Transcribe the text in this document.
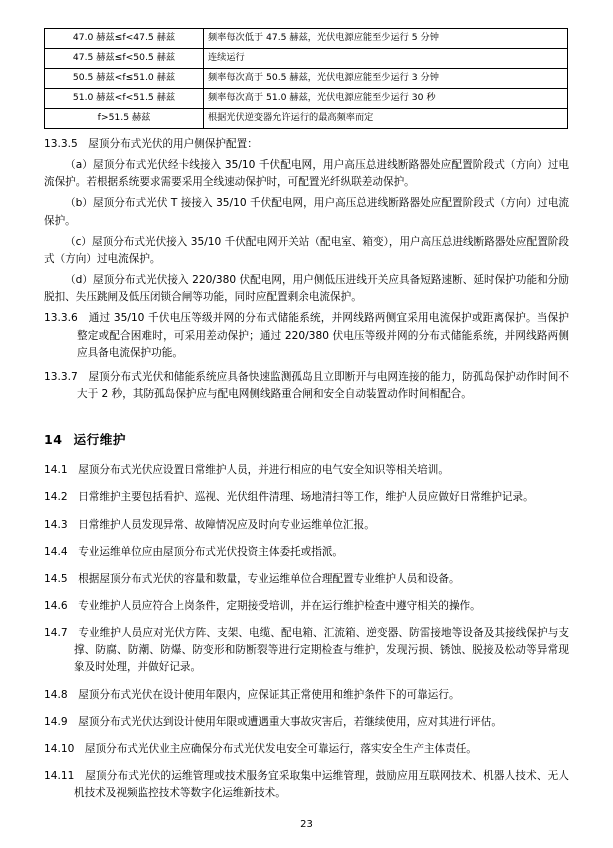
47.0 赫兹≤f<47.5 赫兹	频率每次低于 47.5 赫兹，光伏电源应能至少运行 5 分钟
47.5 赫兹≤f<50.5 赫兹	连续运行
50.5 赫兹<f≤51.0 赫兹	频率每次高于 50.5 赫兹，光伏电源应能至少运行 3 分钟
51.0 赫兹<f<51.5 赫兹	频率每次高于 51.0 赫兹，光伏电源应能至少运行 30 秒
f>51.5 赫兹	根据光伏逆变器允许运行的最高频率而定
13.3.5　 屋顶分布式光伏的用户侧保护配置：
（a）屋顶分布式光伏经卡线接入 35/10 千伏配电网，用户高压总进线断路器处应配置阶段式（方向）过电流保护。若根据系统要求需要采用全线速动保护时，可配置光纤纵联差动保护。
（b）屋顶分布式光伏 T 接接入 35/10 千伏配电网，用户高压总进线断路器处应配置阶段式（方向）过电流保护。
（c）屋顶分布式光伏接入 35/10 千伏配电网开关站（配电室、箱变），用户高压总进线断路器处应配置阶段式（方向）过电流保护。
（d）屋顶分布式光伏接入 220/380 伏配电网，用户侧低压进线开关应具备短路速断、延时保护功能和分励脱扣、失压跳闸及低压闭锁合闸等功能，同时应配置剩余电流保护。
13.3.6　 通过 35/10 千伏电压等级并网的分布式储能系统，并网线路两侧宜采用电流保护或距离保护。当保护整定或配合困难时，可采用差动保护；通过 220/380 伏电压等级并网的分布式储能系统，并网线路两侧应具备电流保护功能。
13.3.7　 屋顶分布式光伏和储能系统应具备快速监测孤岛且立即断开与电网连接的能力，防孤岛保护动作时间不大于 2 秒，其防孤岛保护应与配电网侧线路重合闸和安全自动装置动作时间相配合。
14 运行维护
14.1　 屋顶分布式光伏应设置日常维护人员，并进行相应的电气安全知识等相关培训。
14.2　 日常维护主要包括看护、巡视、光伏组件清理、场地清扫等工作，维护人员应做好日常维护记录。
14.3　 日常维护人员发现异常、故障情况应及时向专业运维单位汇报。
14.4　 专业运维单位应由屋顶分布式光伏投资主体委托或指派。
14.5　 根据屋顶分布式光伏的容量和数量，专业运维单位合理配置专业维护人员和设备。
14.6　 专业维护人员应符合上岗条件，定期接受培训，并在运行维护检查中遵守相关的操作。
14.7　 专业维护人员应对光伏方阵、支架、电缆、配电箱、汇流箱、逆变器、防雷接地等设备及其接线保护与支撑、防腐、防潮、防爆、防变形和防断裂等进行定期检查与维护，发现污损、锈蚀、脱接及松动等异常现象及时处理，并做好记录。
14.8　 屋顶分布式光伏在设计使用年限内，应保证其正常使用和维护条件下的可靠运行。
14.9　 屋顶分布式光伏达到设计使用年限或遭遇重大事故灾害后，若继续使用，应对其进行评估。
14.10　 屋顶分布式光伏业主应确保分布式光伏发电安全可靠运行，落实安全生产主体责任。
14.11　 屋顶分布式光伏的运维管理或技术服务宜采取集中运维管理，鼓励应用互联网技术、机器人技术、无人机技术及视频监控技术等数字化运维新技术。
23
